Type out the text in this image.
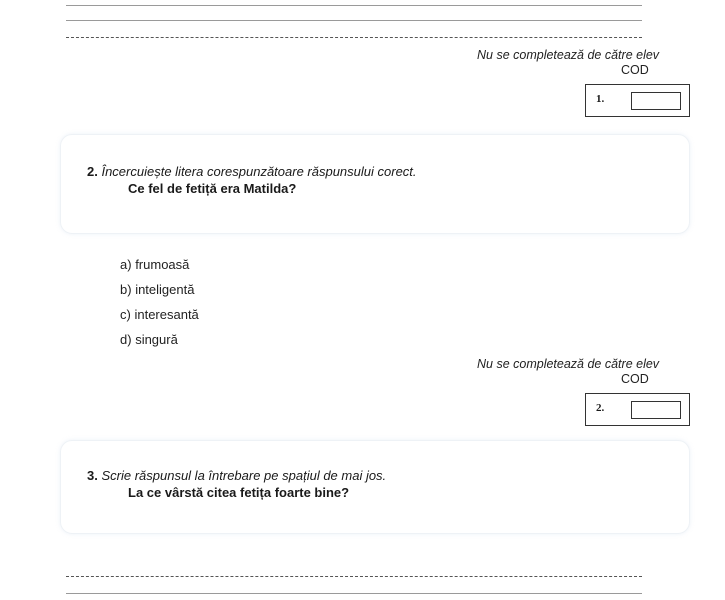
Nu se completează de către elev
COD
1.
2. Încercuiește litera corespunzătoare răspunsului corect.
Ce fel de fetiță era Matilda?
a) frumoasă
b) inteligentă
c) interesantă
d) singură
Nu se completează de către elev
COD
2.
3. Scrie răspunsul la întrebare pe spațiul de mai jos.
La ce vârstă citea fetița foarte bine?
